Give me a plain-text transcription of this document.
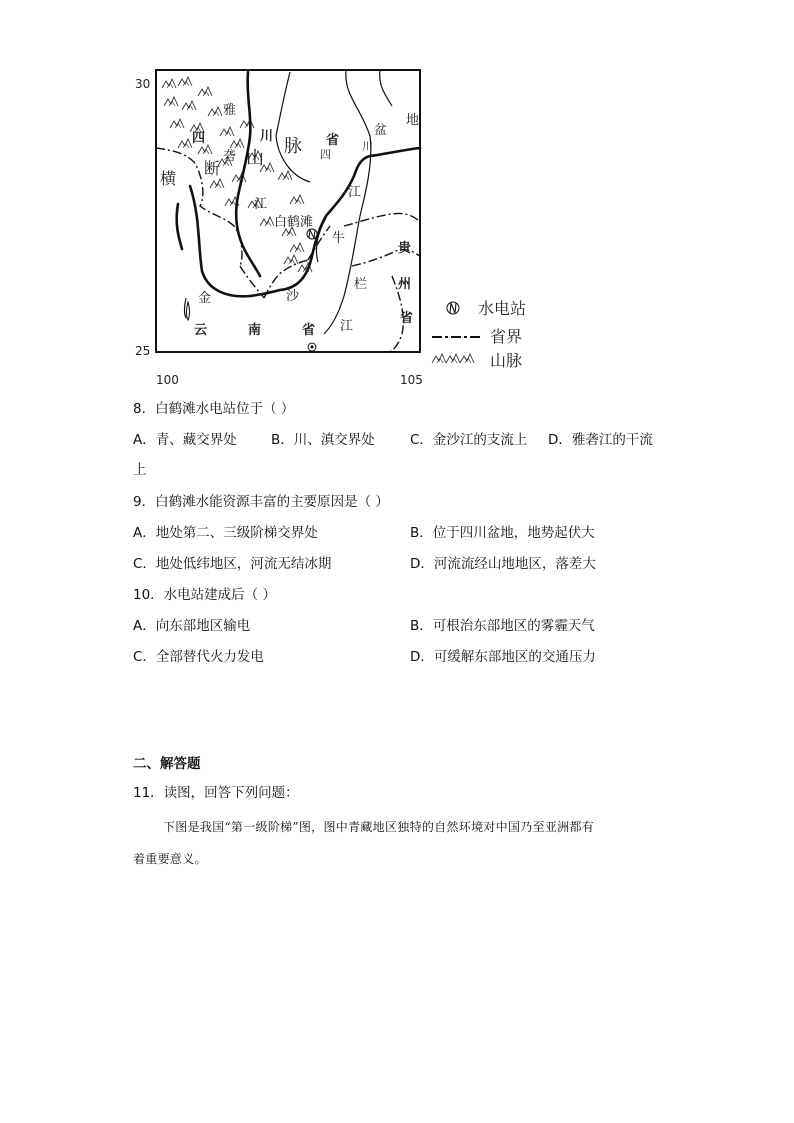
30
25
100	105
四	川	省
四
川
盆
地
横
断 山
脉
雅
砻
江
白鹤滩
江
牛
栏
江
贵
州
省
金	沙
云	南	省
水电站
省界
山脉
8．白鹤滩水电站位于（ ）
A．青、藏交界处	B．川、滇交界处	C．金沙江的支流上 D．雅砻江的干流
上
9．白鹤滩水能资源丰富的主要原因是（ ）
A．地处第二、三级阶梯交界处	B．位于四川盆地，地势起伏大
C．地处低纬地区，河流无结冰期	D．河流流经山地地区，落差大
10．水电站建成后（ ）
A．向东部地区输电	B．可根治东部地区的雾霾天气
C．全部替代火力发电	D．可缓解东部地区的交通压力
二、解答题
11．读图，回答下列问题：
下图是我国“第一级阶梯”图，图中青藏地区独特的自然环境对中国乃至亚洲都有
着重要意义。
